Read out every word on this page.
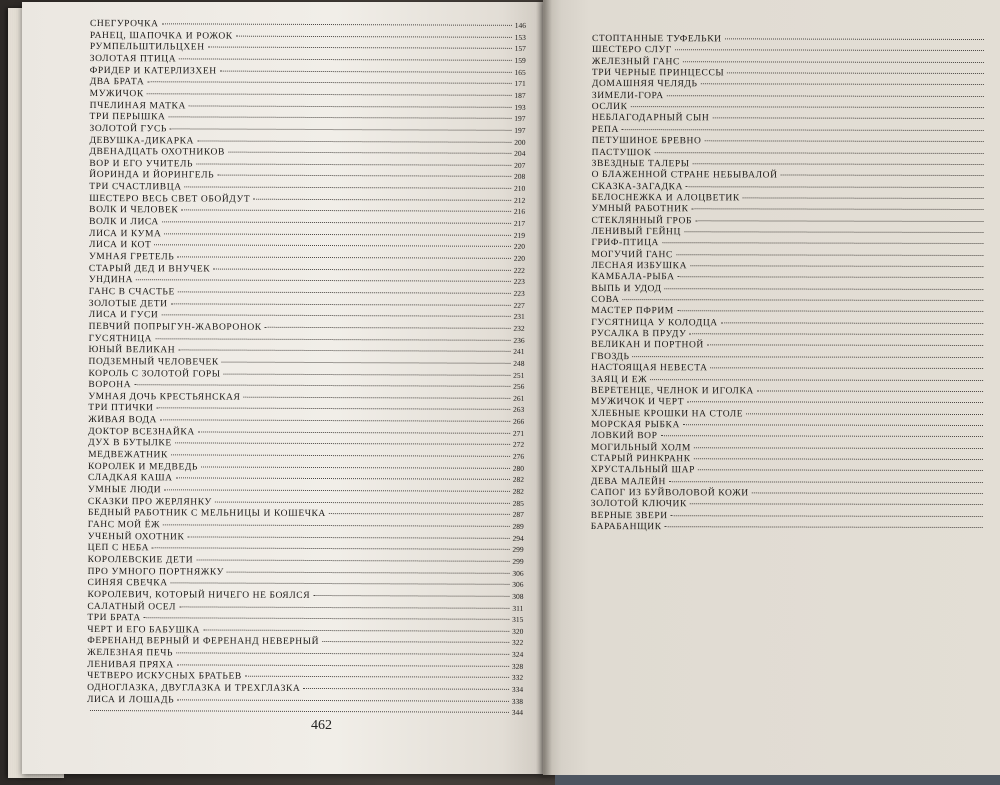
СНЕГУРОЧКА	146
РАНЕЦ, ШАПОЧКА И РОЖОК	153
РУМПЕЛЬШТИЛЬЦХЕН	157
ЗОЛОТАЯ ПТИЦА	159
ФРИДЕР И КАТЕРЛИЗХЕН	165
ДВА БРАТА	171
МУЖИЧОК	187
ПЧЕЛИНАЯ МАТКА	193
ТРИ ПЕРЫШКА	197
ЗОЛОТОЙ ГУСЬ	197
ДЕВУШКА-ДИКАРКА	200
ДВЕНАДЦАТЬ ОХОТНИКОВ	204
ВОР И ЕГО УЧИТЕЛЬ	207
ЙОРИНДА И ЙОРИНГЕЛЬ	208
ТРИ СЧАСТЛИВЦА	210
ШЕСТЕРО ВЕСЬ СВЕТ ОБОЙДУТ	212
ВОЛК И ЧЕЛОВЕК	216
ВОЛК И ЛИСА	217
ЛИСА И КУМА	219
ЛИСА И КОТ	220
УМНАЯ ГРЕТЕЛЬ	220
СТАРЫЙ ДЕД И ВНУЧЕК	222
УНДИНА	223
ГАНС В СЧАСТЬЕ	223
ЗОЛОТЫЕ ДЕТИ	227
ЛИСА И ГУСИ	231
ПЕВЧИЙ ПОПРЫГУН-ЖАВОРОНОК	232
ГУСЯТНИЦА	236
ЮНЫЙ ВЕЛИКАН	241
ПОДЗЕМНЫЙ ЧЕЛОВЕЧЕК	248
КОРОЛЬ С ЗОЛОТОЙ ГОРЫ	251
ВОРОНА	256
УМНАЯ ДОЧЬ КРЕСТЬЯНСКАЯ	261
ТРИ ПТИЧКИ	263
ЖИВАЯ ВОДА	266
ДОКТОР ВСЕЗНАЙКА	271
ДУХ В БУТЫЛКЕ	272
МЕДВЕЖАТНИК	276
КОРОЛЕК И МЕДВЕДЬ	280
СЛАДКАЯ КАША	282
УМНЫЕ ЛЮДИ	282
СКАЗКИ ПРО ЖЕРЛЯНКУ	285
БЕДНЫЙ РАБОТНИК С МЕЛЬНИЦЫ И КОШЕЧКА	287
ГАНС МОЙ ЁЖ	289
УЧЕНЫЙ ОХОТНИК	294
ЦЕП С НЕБА	299
КОРОЛЕВСКИЕ ДЕТИ	299
ПРО УМНОГО ПОРТНЯЖКУ	306
СИНЯЯ СВЕЧКА	306
КОРОЛЕВИЧ, КОТОРЫЙ НИЧЕГО НЕ БОЯЛСЯ	308
САЛАТНЫЙ ОСЕЛ	311
ТРИ БРАТА	315
ЧЕРТ И ЕГО БАБУШКА	320
ФЕРЕНАНД ВЕРНЫЙ И ФЕРЕНАНД НЕВЕРНЫЙ	322
ЖЕЛЕЗНАЯ ПЕЧЬ	324
ЛЕНИВАЯ ПРЯХА	328
ЧЕТВЕРО ИСКУСНЫХ БРАТЬЕВ	332
ОДНОГЛАЗКА, ДВУГЛАЗКА И ТРЕХГЛАЗКА	334
ЛИСА И ЛОШАДЬ	338
344
СТОПТАННЫЕ ТУФЕЛЬКИ
ШЕСТЕРО СЛУГ
ЖЕЛЕЗНЫЙ ГАНС
ТРИ ЧЕРНЫЕ ПРИНЦЕССЫ
ДОМАШНЯЯ ЧЕЛЯДЬ
ЗИМЕЛИ-ГОРА
ОСЛИК
НЕБЛАГОДАРНЫЙ СЫН
РЕПА
ПЕТУШИНОЕ БРЕВНО
ПАСТУШОК
ЗВЕЗДНЫЕ ТАЛЕРЫ
О БЛАЖЕННОЙ СТРАНЕ НЕБЫВАЛОЙ
СКАЗКА-ЗАГАДКА
БЕЛОСНЕЖКА И АЛОЦВЕТИК
УМНЫЙ РАБОТНИК
СТЕКЛЯННЫЙ ГРОБ
ЛЕНИВЫЙ ГЕЙНЦ
ГРИФ-ПТИЦА
МОГУЧИЙ ГАНС
ЛЕСНАЯ ИЗБУШКА
КАМБАЛА-РЫБА
ВЫПЬ И УДОД
СОВА
МАСТЕР ПФРИМ
ГУСЯТНИЦА У КОЛОДЦА
РУСАЛКА В ПРУДУ
ВЕЛИКАН И ПОРТНОЙ
ГВОЗДЬ
НАСТОЯЩАЯ НЕВЕСТА
ЗАЯЦ И ЕЖ
ВЕРЕТЕНЦЕ, ЧЕЛНОК И ИГОЛКА
МУЖИЧОК И ЧЕРТ
ХЛЕБНЫЕ КРОШКИ НА СТОЛЕ
МОРСКАЯ РЫБКА
ЛОВКИЙ ВОР
МОГИЛЬНЫЙ ХОЛМ
СТАРЫЙ РИНКРАНК
ХРУСТАЛЬНЫЙ ШАР
ДЕВА МАЛЕЙН
САПОГ ИЗ БУЙВОЛОВОЙ КОЖИ
ЗОЛОТОЙ КЛЮЧИК
ВЕРНЫЕ ЗВЕРИ
БАРАБАНЩИК
462
